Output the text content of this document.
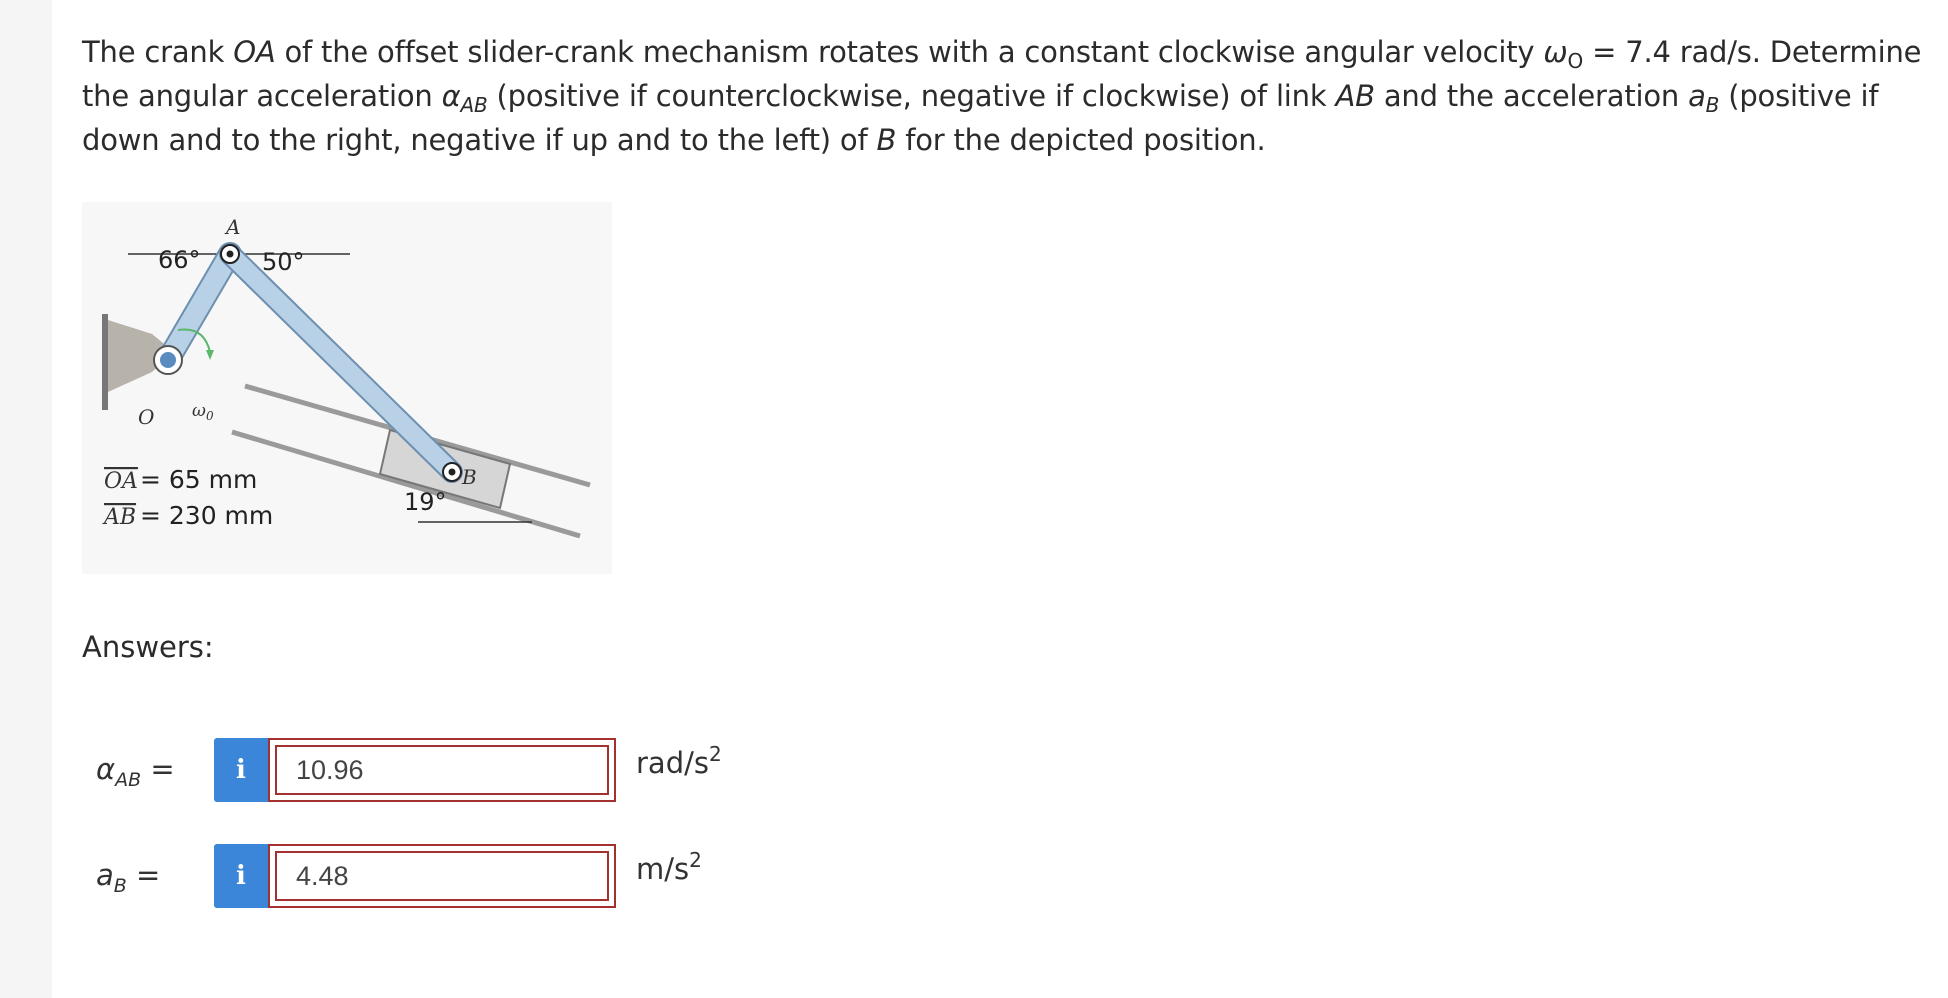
The crank OA of the offset slider-crank mechanism rotates with a constant clockwise angular velocity $\omega_O = 7.4$ rad/s. Determine the angular acceleration $\alpha_{AB}$ (positive if counterclockwise, negative if clockwise) of link AB and the acceleration $a_B$ (positive if down and to the right, negative if up and to the left) of B for the depicted position.
A
B
O ω 0
66°	50°
19°
OA = 65 mm
AB = 230 mm
Answers:
$\alpha_{AB}$ =	i	10.96	rad/$s^2$
$a_B$ =	i	4.48	$m/s^2$
